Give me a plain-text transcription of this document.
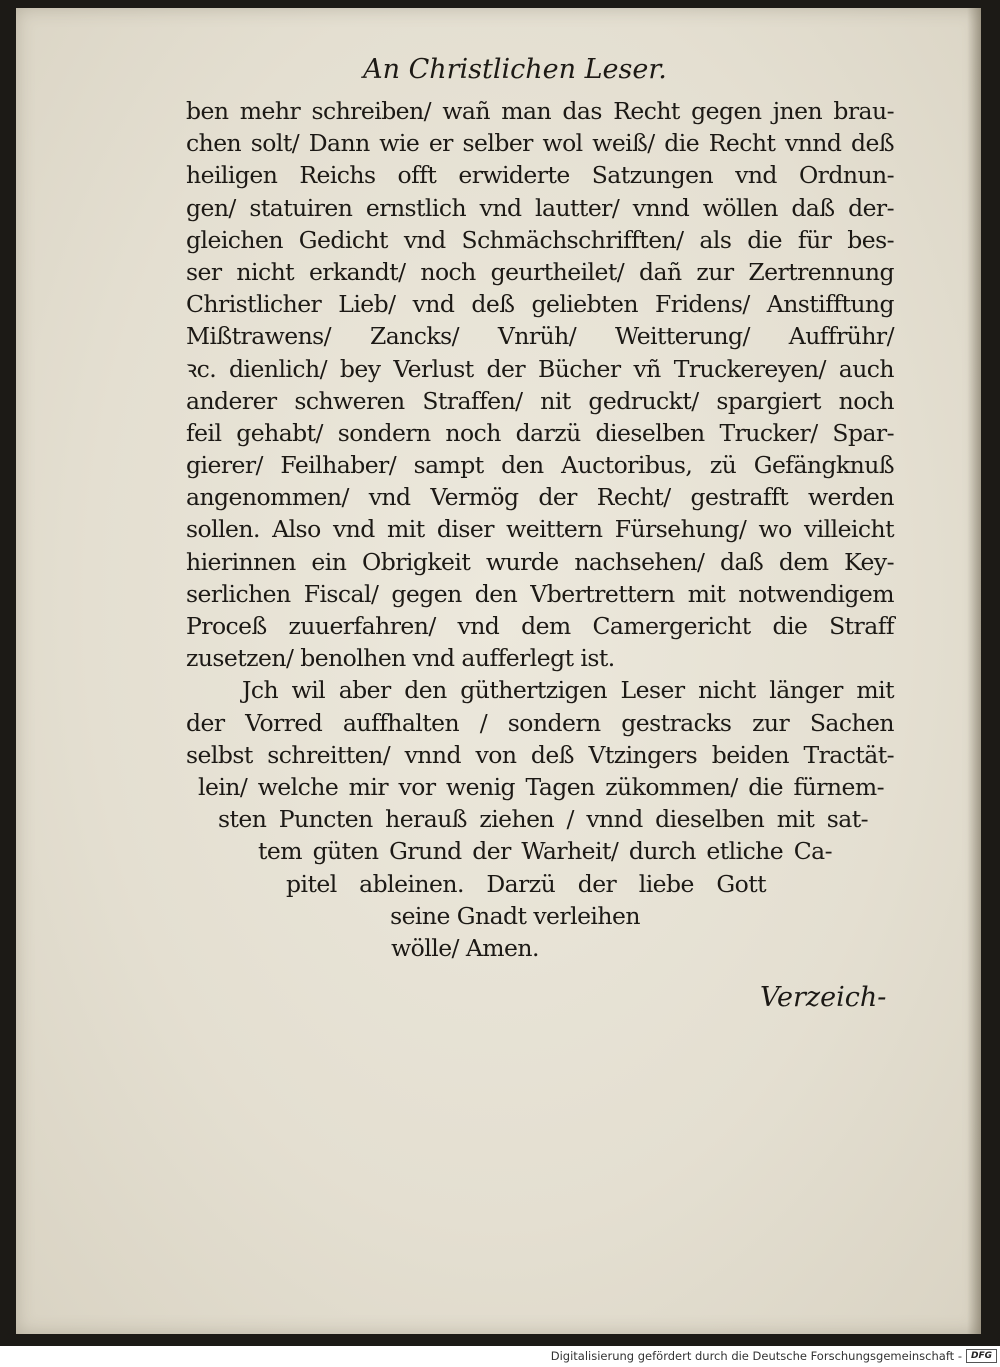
An Christlichen Leser.
ben mehr schreiben/ wañ man das Recht gegen jnen brau-
chen solt/ Dann wie er selber wol weiß/ die Recht vnnd deß
heiligen Reichs offt erwiderte Satzungen vnd Ordnun-
gen/ statuiren ernstlich vnd lautter/ vnnd wöllen daß der-
gleichen Gedicht vnd Schmächschrifften/ als die für bes-
ser nicht erkandt/ noch geurtheilet/ dañ zur Zertrennung
Christlicher Lieb/ vnd deß geliebten Fridens/ Anstifftung
Mißtrawens/ Zancks/ Vnrüh/ Weitterung/ Auffrühr/
ꝛc. dienlich/ bey Verlust der Bücher vñ Truckereyen/ auch
anderer schweren Straffen/ nit gedruckt/ spargiert noch
feil gehabt/ sondern noch darzü dieselben Trucker/ Spar-
gierer/ Feilhaber/ sampt den Auctoribus, zü Gefängknuß
angenommen/ vnd Vermög der Recht/ gestrafft werden
sollen. Also vnd mit diser weittern Fürsehung/ wo villeicht
hierinnen ein Obrigkeit wurde nachsehen/ daß dem Key-
serlichen Fiscal/ gegen den Vbertrettern mit notwendigem
Proceß zuuerfahren/ vnd dem Camergericht die Straff
zusetzen/ benolhen vnd aufferlegt ist.
Jch wil aber den güthertzigen Leser nicht länger mit
der Vorred auffhalten / sondern gestracks zur Sachen
selbst schreitten/ vnnd von deß Vtzingers beiden Tractät-
lein/ welche mir vor wenig Tagen zükommen/ die fürnem-
sten Puncten herauß ziehen / vnnd dieselben mit sat-
tem güten Grund der Warheit/ durch etliche Ca-
pitel ableinen. Darzü der liebe Gott
seine Gnadt verleihen
wölle/ Amen.
Verzeich-
Digitalisierung gefördert durch die Deutsche Forschungsgemeinschaft - DFG
